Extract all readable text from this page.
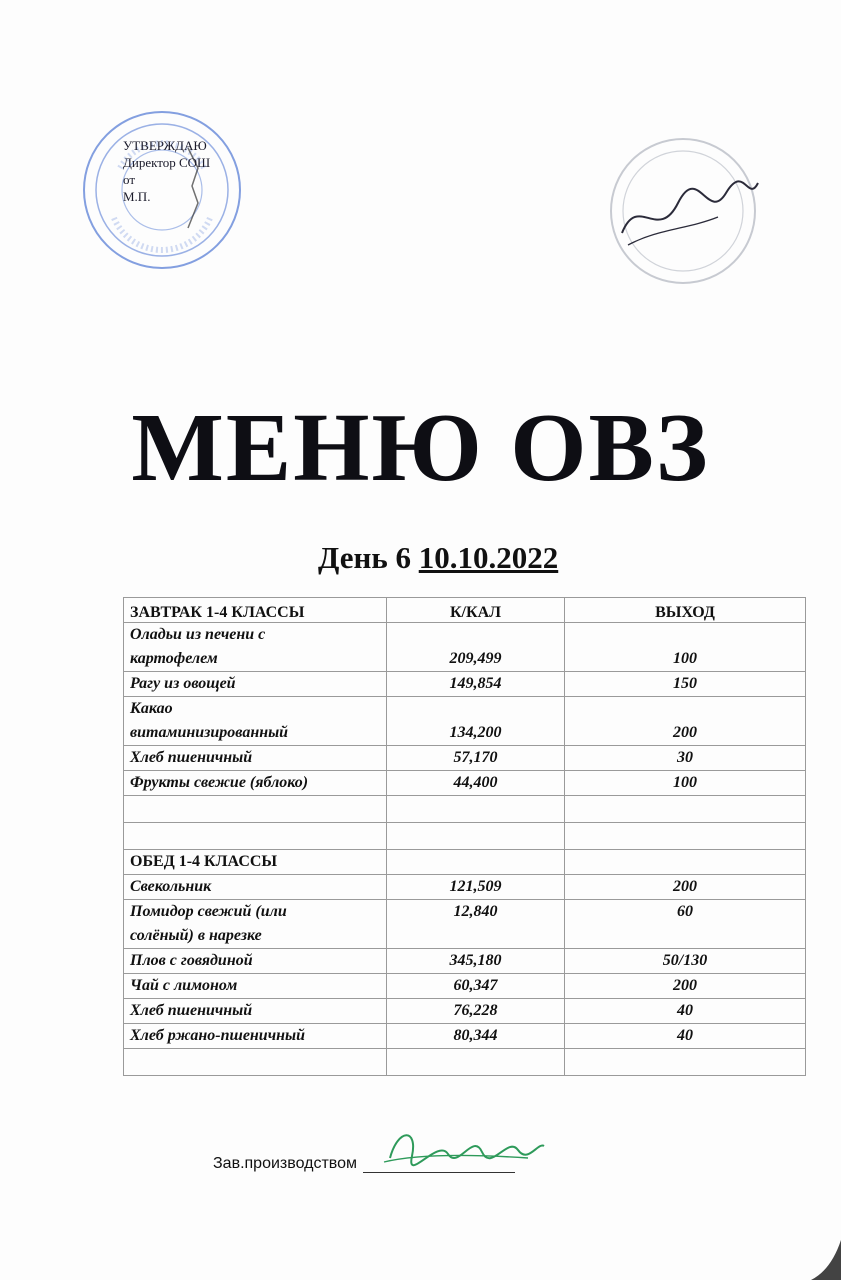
УТВЕРЖДАЮ
Директор СОШ
от
М.П.
МЕНЮ ОВЗ
День 6 10.10.2022
ЗАВТРАК 1-4 КЛАССЫ	К/КАЛ	ВЫХОД

Оладьи из печени с
картофелем	209,499	100
Рагу из овощей	149,854	150

Какао
витаминизированный	134,200	200
Хлеб пшеничный	57,170	30
Фрукты свежие (яблоко)	44,400	100

ОБЕД 1-4 КЛАССЫ		
Свекольник	121,509	200

Помидор свежий (или
солёный) в нарезке	12,840	60
Плов с говядиной	345,180	50/130
Чай с лимоном	60,347	200
Хлеб пшеничный	76,228	40
Хлеб ржано-пшеничный	80,344	40

Зав.производством
